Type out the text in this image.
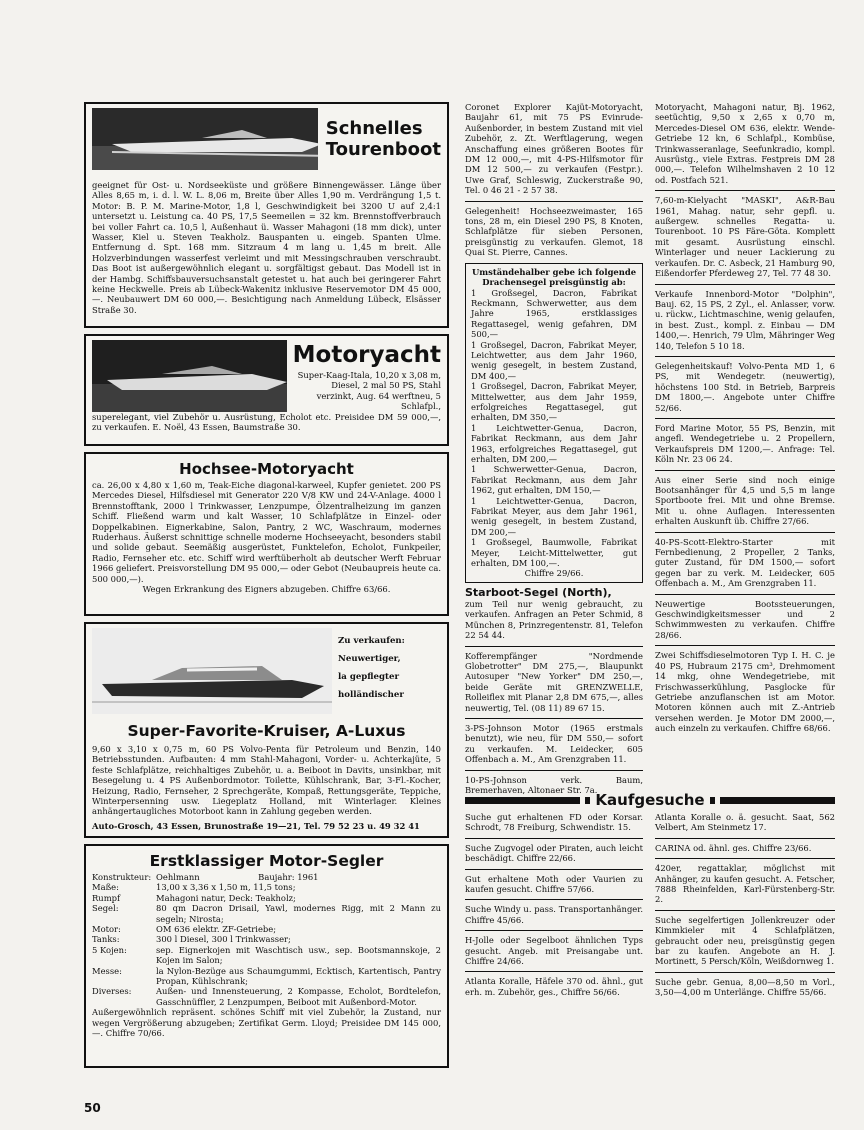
Schnelles
Tourenboot
geeignet für Ost- u. Nordseeküste und größere Binnengewässer. Länge über Alles 8,65 m, i. d. l. W. L. 8,06 m, Breite über Alles 1,90 m. Verdrängung 1,5 t. Motor: B. P. M. Marine-Motor, 1,8 l, Geschwindigkeit bei 3200 U auf 2,4:1 untersetzt u. Leistung ca. 40 PS, 17,5 Seemeilen = 32 km. Brennstoffverbrauch bei voller Fahrt ca. 10,5 l, Außenhaut ü. Wasser Mahagoni (18 mm dick), unter Wasser, Kiel u. Steven Teakholz. Bauspanten u. eingeb. Spanten Ulme. Entfernung d. Spt. 168 mm. Sitzraum 4 m lang u. 1,45 m breit. Alle Holzverbindungen wasserfest verleimt und mit Messingschrauben verschraubt. Das Boot ist außergewöhnlich elegant u. sorgfältigst gebaut. Das Modell ist in der Hambg. Schiffsbauversuchsanstalt getestet u. hat auch bei geringerer Fahrt keine Heckwelle. Preis ab Lübeck-Wakenitz inklusive Reservemotor DM 45 000,—. Neubauwert DM 60 000,—. Besichtigung nach Anmeldung Lübeck, Elsässer Straße 30.
Motoryacht
Super-Kaag-Itala, 10,20 x 3,08 m, Diesel, 2 mal 50 PS, Stahl verzinkt, Aug. 64 werftneu, 5 Schlafpl.,
superelegant, viel Zubehör u. Ausrüstung, Echolot etc. Preisidee DM 59 000,—, zu verkaufen. E. Noël, 43 Essen, Baumstraße 30.
Hochsee-Motoryacht
ca. 26,00 x 4,80 x 1,60 m, Teak-Eiche diagonal-karweel, Kupfer genietet. 200 PS Mercedes Diesel, Hilfsdiesel mit Generator 220 V/8 KW und 24-V-Anlage. 4000 l Brennstofftank, 2000 l Trinkwasser, Lenzpumpe, Ölzentralheizung im ganzen Schiff. Fließend warm und kalt Wasser, 10 Schlafplätze in Einzel- oder Doppelkabinen. Eignerkabine, Salon, Pantry, 2 WC, Waschraum, modernes Ruderhaus. Äußerst schnittige schnelle moderne Hochseeyacht, besonders stabil und solide gebaut. Seemäßig ausgerüstet, Funktelefon, Echolot, Funkpeiler, Radio, Fernseher etc. etc. Schiff wird werftüberholt ab deutscher Werft Februar 1966 geliefert. Preisvorstellung DM 95 000,— oder Gebot (Neubaupreis heute ca. 500 000,—).
Wegen Erkrankung des Eigners abzugeben. Chiffre 63/66.
Zu verkaufen:
Neuwertiger,
la gepflegter
holländischer
Super-Favorite-Kruiser, A-Luxus
9,60 x 3,10 x 0,75 m, 60 PS Volvo-Penta für Petroleum und Benzin, 140 Betriebsstunden. Aufbauten: 4 mm Stahl-Mahagoni, Vorder- u. Achterkajüte, 5 feste Schlafplätze, reichhaltiges Zubehör, u. a. Beiboot in Davits, unsinkbar, mit Besegelung u. 4 PS Außenbordmotor. Toilette, Kühlschrank, Bar, 3-Fl.-Kocher, Heizung, Radio, Fernseher, 2 Sprechgeräte, Kompaß, Rettungsgeräte, Teppiche, Winterpersenning usw. Liegeplatz Holland, mit Winterlager. Kleines anhängertaugliches Motorboot kann in Zahlung gegeben werden.
Auto-Grosch, 43 Essen, Brunostraße 19—21, Tel. 79 52 23 u. 49 32 41
Erstklassiger Motor-Segler
Konstrukteur: Oehlmann                      Baujahr: 1961
Maße:	13,00 x 3,36 x 1,50 m, 11,5 tons;
Rumpf	Mahagoni natur, Deck: Teakholz;
Segel:	80 qm Dacron Drisail, Yawl, modernes Rigg, mit 2 Mann zu segeln; Nirosta;
Motor:	OM 636 elektr. ZF-Getriebe;
Tanks:	300 l Diesel, 300 l Trinkwasser;
5 Kojen:	sep. Eignerkojen mit Waschtisch usw., sep. Bootsmannskoje, 2 Kojen im Salon;
Messe:	la Nylon-Bezüge aus Schaumgummi, Ecktisch, Kartentisch, Pantry Propan, Kühlschrank;
Diverses:	Außen- und Innensteuerung, 2 Kompasse, Echolot, Bordtelefon, Gasschnüffler, 2 Lenzpumpen, Beiboot mit Außenbord-Motor.
Außergewöhnlich repräsent. schönes Schiff mit viel Zubehör, la Zustand, nur wegen Vergrößerung abzugeben; Zertifikat Germ. Lloyd; Preisidee DM 145 000,—. Chiffre 70/66.
Coronet Explorer Kajüt-Motoryacht, Baujahr 61, mit 75 PS Evinrude-Außenborder, in bestem Zustand mit viel Zubehör, z. Zt. Werftlagerung, wegen Anschaffung eines größeren Bootes für DM 12 000,—, mit 4-PS-Hilfsmotor für DM 12 500,— zu verkaufen (Festpr.). Uwe Graf, Schleswig, Zuckerstraße 90, Tel. 0 46 21 - 2 57 38.
Gelegenheit! Hochseezweimaster, 165 tons, 28 m, ein Diesel 290 PS, 8 Knoten, Schlafplätze für sieben Personen, preisgünstig zu verkaufen. Glemot, 18 Quai St. Pierre, Cannes.
Umständehalber gebe ich folgende Drachensegel preisgünstig ab:
1 Großsegel, Dacron, Fabrikat Reckmann, Schwerwetter, aus dem Jahre 1965, erstklassiges Regattasegel, wenig gefahren, DM 500,—
1 Großsegel, Dacron, Fabrikat Meyer, Leichtwetter, aus dem Jahr 1960, wenig gesegelt, in bestem Zustand, DM 400,—
1 Großsegel, Dacron, Fabrikat Meyer, Mittelwetter, aus dem Jahr 1959, erfolgreiches Regattasegel, gut erhalten, DM 350,—
1 Leichtwetter-Genua, Dacron, Fabrikat Reckmann, aus dem Jahr 1963, erfolgreiches Regattasegel, gut erhalten, DM 200,—
1 Schwerwetter-Genua, Dacron, Fabrikat Reckmann, aus dem Jahr 1962, gut erhalten, DM 150,—
1 Leichtwetter-Genua, Dacron, Fabrikat Meyer, aus dem Jahr 1961, wenig gesegelt, in bestem Zustand, DM 200,—
1 Großsegel, Baumwolle, Fabrikat Meyer, Leicht-Mittelwetter, gut erhalten, DM 100,—.
Chiffre 29/66.
Starboot-Segel (North),
zum Teil nur wenig gebraucht, zu verkaufen. Anfragen an Peter Schmid, 8 München 8, Prinzregentenstr. 81, Telefon 22 54 44.
Kofferempfänger "Nordmende Globetrotter" DM 275,—, Blaupunkt Autosuper "New Yorker" DM 250,—, beide Geräte mit GRENZWELLE, Rolleiflex mit Planar 2,8 DM 675,—, alles neuwertig, Tel. (08 11) 89 67 15.
3-PS-Johnson Motor (1965 erstmals benutzt), wie neu, für DM 550,— sofort zu verkaufen. M. Leidecker, 605 Offenbach a. M., Am Grenzgraben 11.
10-PS-Johnson verk. Baum, Bremerhaven, Altonaer Str. 7a.
Kaufgesuche
Suche gut erhaltenen FD oder Korsar. Schrodt, 78 Freiburg, Schwendistr. 15.
Suche Zugvogel oder Piraten, auch leicht beschädigt. Chiffre 22/66.
Gut erhaltene Moth oder Vaurien zu kaufen gesucht. Chiffre 57/66.
Suche Windy u. pass. Transportanhänger. Chiffre 45/66.
H-Jolle oder Segelboot ähnlichen Typs gesucht. Angeb. mit Preisangabe unt. Chiffre 24/66.
Atlanta Koralle, Häfele 370 od. ähnl., gut erh. m. Zubehör, ges., Chiffre 56/66.
Motoryacht, Mahagoni natur, Bj. 1962, seetüchtig, 9,50 x 2,65 x 0,70 m, Mercedes-Diesel OM 636, elektr. Wende-Getriebe 12 kn, 6 Schlafpl., Kombüse, Trinkwasseranlage, Seefunkradio, kompl. Ausrüstg., viele Extras. Festpreis DM 28 000,—. Telefon Wilhelmshaven 2 10 12 od. Postfach 521.
7,60-m-Kielyacht "MASKI", A&R-Bau 1961, Mahag. natur, sehr gepfl. u. außergew. schnelles Regatta- u. Tourenboot. 10 PS Färe-Göta. Komplett mit gesamt. Ausrüstung einschl. Winterlager und neuer Lackierung zu verkaufen. Dr. C. Asbeck, 21 Hamburg 90, Eißendorfer Pferdeweg 27, Tel. 77 48 30.
Verkaufe Innenbord-Motor "Dolphin", Bauj. 62, 15 PS, 2 Zyl., el. Anlasser, vorw. u. rückw., Lichtmaschine, wenig gelaufen, in best. Zust., kompl. z. Einbau — DM 1400,—. Henrich, 79 Ulm, Mähringer Weg 140, Telefon 5 10 18.
Gelegenheitskauf! Volvo-Penta MD 1, 6 PS, mit Wendegetr. (neuwertig), höchstens 100 Std. in Betrieb, Barpreis DM 1800,—. Angebote unter Chiffre 52/66.
Ford Marine Motor, 55 PS, Benzin, mit angefl. Wendegetriebe u. 2 Propellern, Verkaufspreis DM 1200,—. Anfrage: Tel. Köln Nr. 23 06 24.
Aus einer Serie sind noch einige Bootsanhänger für 4,5 und 5,5 m lange Sportboote frei. Mit und ohne Bremse. Mit u. ohne Auflagen. Interessenten erhalten Auskunft üb. Chiffre 27/66.
40-PS-Scott-Elektro-Starter mit Fernbedienung, 2 Propeller, 2 Tanks, guter Zustand, für DM 1500,— sofort gegen bar zu verk. M. Leidecker, 605 Offenbach a. M., Am Grenzgraben 11.
Neuwertige Bootssteuerungen, Geschwindigkeitsmesser und 2 Schwimmwesten zu verkaufen. Chiffre 28/66.
Zwei Schiffsdieselmotoren Typ I. H. C. je 40 PS, Hubraum 2175 cm³, Drehmoment 14 mkg, ohne Wendegetriebe, mit Frischwasserkühlung, Pasglocke für Getriebe anzuflanschen ist am Motor. Motoren können auch mit Z.-Antrieb versehen werden. Je Motor DM 2000,—, auch einzeln zu verkaufen. Chiffre 68/66.
Atlanta Koralle o. ä. gesucht. Saat, 562 Velbert, Am Steinmetz 17.
CARINA od. ähnl. ges. Chiffre 23/66.
420er, regattaklar, möglichst mit Anhänger, zu kaufen gesucht. A. Fetscher, 7888 Rheinfelden, Karl-Fürstenberg-Str. 2.
Suche segelfertigen Jollenkreuzer oder Kimmkieler mit 4 Schlafplätzen, gebraucht oder neu, preisgünstig gegen bar zu kaufen. Angebote an H. J. Mortinett, 5 Persch/Köln, Weißdornweg 1.
Suche gebr. Genua, 8,00—8,50 m Vorl., 3,50—4,00 m Unterlänge. Chiffre 55/66.
50
